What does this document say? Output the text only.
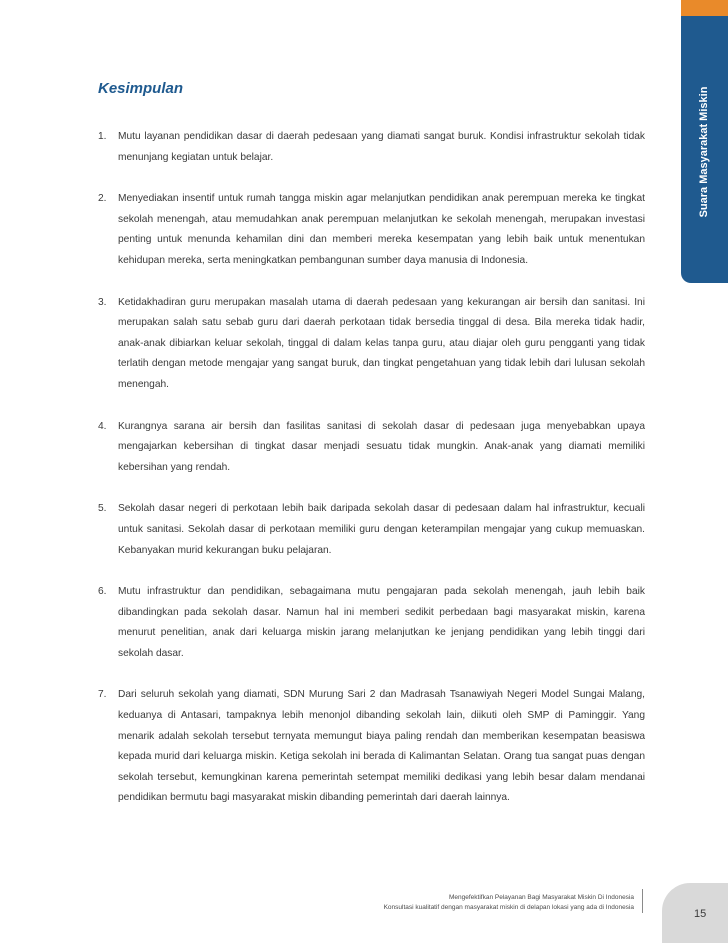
Suara Masyarakat Miskin
Kesimpulan
1. Mutu layanan pendidikan dasar di daerah pedesaan yang diamati sangat buruk. Kondisi infrastruktur sekolah tidak menunjang kegiatan untuk belajar.
2. Menyediakan insentif untuk rumah tangga miskin agar melanjutkan pendidikan anak perempuan mereka ke tingkat sekolah menengah, atau memudahkan anak perempuan melanjutkan ke sekolah menengah, merupakan investasi penting untuk menunda kehamilan dini dan memberi mereka kesempatan yang lebih baik untuk menentukan kehidupan mereka, serta meningkatkan pembangunan sumber daya manusia di Indonesia.
3. Ketidakhadiran guru merupakan masalah utama di daerah pedesaan yang kekurangan air bersih dan sanitasi. Ini merupakan salah satu sebab guru dari daerah perkotaan tidak bersedia tinggal di desa. Bila mereka tidak hadir, anak-anak dibiarkan keluar sekolah, tinggal di dalam kelas tanpa guru, atau diajar oleh guru pengganti yang tidak terlatih dengan metode mengajar yang sangat buruk, dan tingkat pengetahuan yang tidak lebih dari lulusan sekolah menengah.
4. Kurangnya sarana air bersih dan fasilitas sanitasi di sekolah dasar di pedesaan juga menyebabkan upaya mengajarkan kebersihan di tingkat dasar menjadi sesuatu tidak mungkin. Anak-anak yang diamati memiliki kebersihan yang rendah.
5. Sekolah dasar negeri di perkotaan lebih baik daripada sekolah dasar di pedesaan dalam hal infrastruktur, kecuali untuk sanitasi. Sekolah dasar di perkotaan memiliki guru dengan keterampilan mengajar yang cukup memuaskan. Kebanyakan murid kekurangan buku pelajaran.
6. Mutu infrastruktur dan pendidikan, sebagaimana mutu pengajaran pada sekolah menengah, jauh lebih baik dibandingkan pada sekolah dasar. Namun hal ini memberi sedikit perbedaan bagi masyarakat miskin, karena menurut penelitian, anak dari keluarga miskin jarang melanjutkan ke jenjang pendidikan yang lebih tinggi dari sekolah dasar.
7. Dari seluruh sekolah yang diamati, SDN Murung Sari 2 dan Madrasah Tsanawiyah Negeri Model Sungai Malang, keduanya di Antasari, tampaknya lebih menonjol dibanding sekolah lain, diikuti oleh SMP di Paminggir. Yang menarik adalah sekolah tersebut ternyata memungut biaya paling rendah dan memberikan kesempatan beasiswa kepada murid dari keluarga miskin. Ketiga sekolah ini berada di Kalimantan Selatan. Orang tua sangat puas dengan sekolah tersebut, kemungkinan karena pemerintah setempat memiliki dedikasi yang lebih besar dalam mendanai pendidikan bermutu bagi masyarakat miskin dibanding pemerintah dari daerah lainnya.
Mengefektifkan Pelayanan Bagi Masyarakat Miskin Di Indonesia
Konsultasi kualitatif dengan masyarakat miskin di delapan lokasi yang ada di Indonesia
15
